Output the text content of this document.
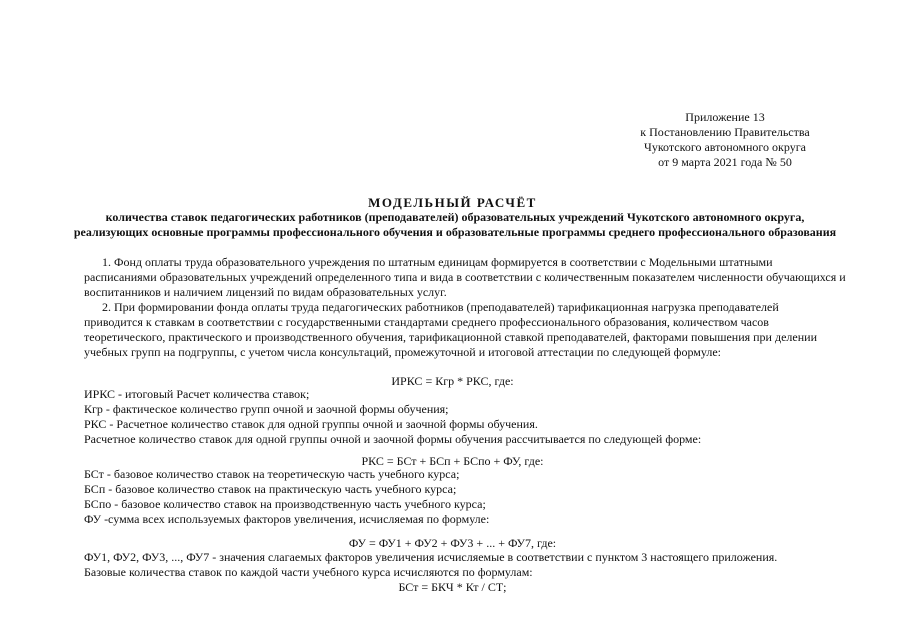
Приложение 13
к Постановлению Правительства
Чукотского автономного округа
от 9 марта 2021 года № 50
МОДЕЛЬНЫЙ РАСЧЁТ
количества ставок педагогических работников (преподавателей) образовательных учреждений Чукотского автономного округа,
реализующих основные программы профессионального обучения и образовательные программы среднего профессионального образования
1. Фонд оплаты труда образовательного учреждения по штатным единицам формируется в соответствии с Модельными штатными
расписаниями образовательных учреждений определенного типа и вида в соответствии с количественным показателем численности обучающихся и
воспитанников и наличием лицензий по видам образовательных услуг.
2. При формировании фонда оплаты труда педагогических работников (преподавателей) тарификационная нагрузка преподавателей
приводится к ставкам в соответствии с государственными стандартами среднего профессионального образования, количеством часов
теоретического, практического и производственного обучения, тарификационной ставкой преподавателей, факторами повышения при делении
учебных групп на подгруппы, с учетом числа консультаций, промежуточной и итоговой аттестации по следующей формуле:
ИРКС = Кгр * РКС, где:
ИРКС - итоговый Расчет количества ставок;
Кгр - фактическое количество групп очной и заочной формы обучения;
РКС - Расчетное количество ставок для одной группы очной и заочной формы обучения.
Расчетное количество ставок для одной группы очной и заочной формы обучения рассчитывается по следующей форме:
РКС = БСт + БСп + БСпо + ФУ, где:
БСт - базовое количество ставок на теоретическую часть учебного курса;
БСп - базовое количество ставок на практическую часть учебного курса;
БСпо - базовое количество ставок на производственную часть учебного курса;
ФУ -сумма всех используемых факторов увеличения, исчисляемая по формуле:
ФУ = ФУ1 + ФУ2 + ФУ3 + ... + ФУ7, где:
ФУ1, ФУ2, ФУ3, ..., ФУ7 - значения слагаемых факторов увеличения исчисляемые в соответствии с пунктом 3 настоящего приложения.
Базовые количества ставок по каждой части учебного курса исчисляются по формулам:
БСт = БКЧ * Кт / СТ;
